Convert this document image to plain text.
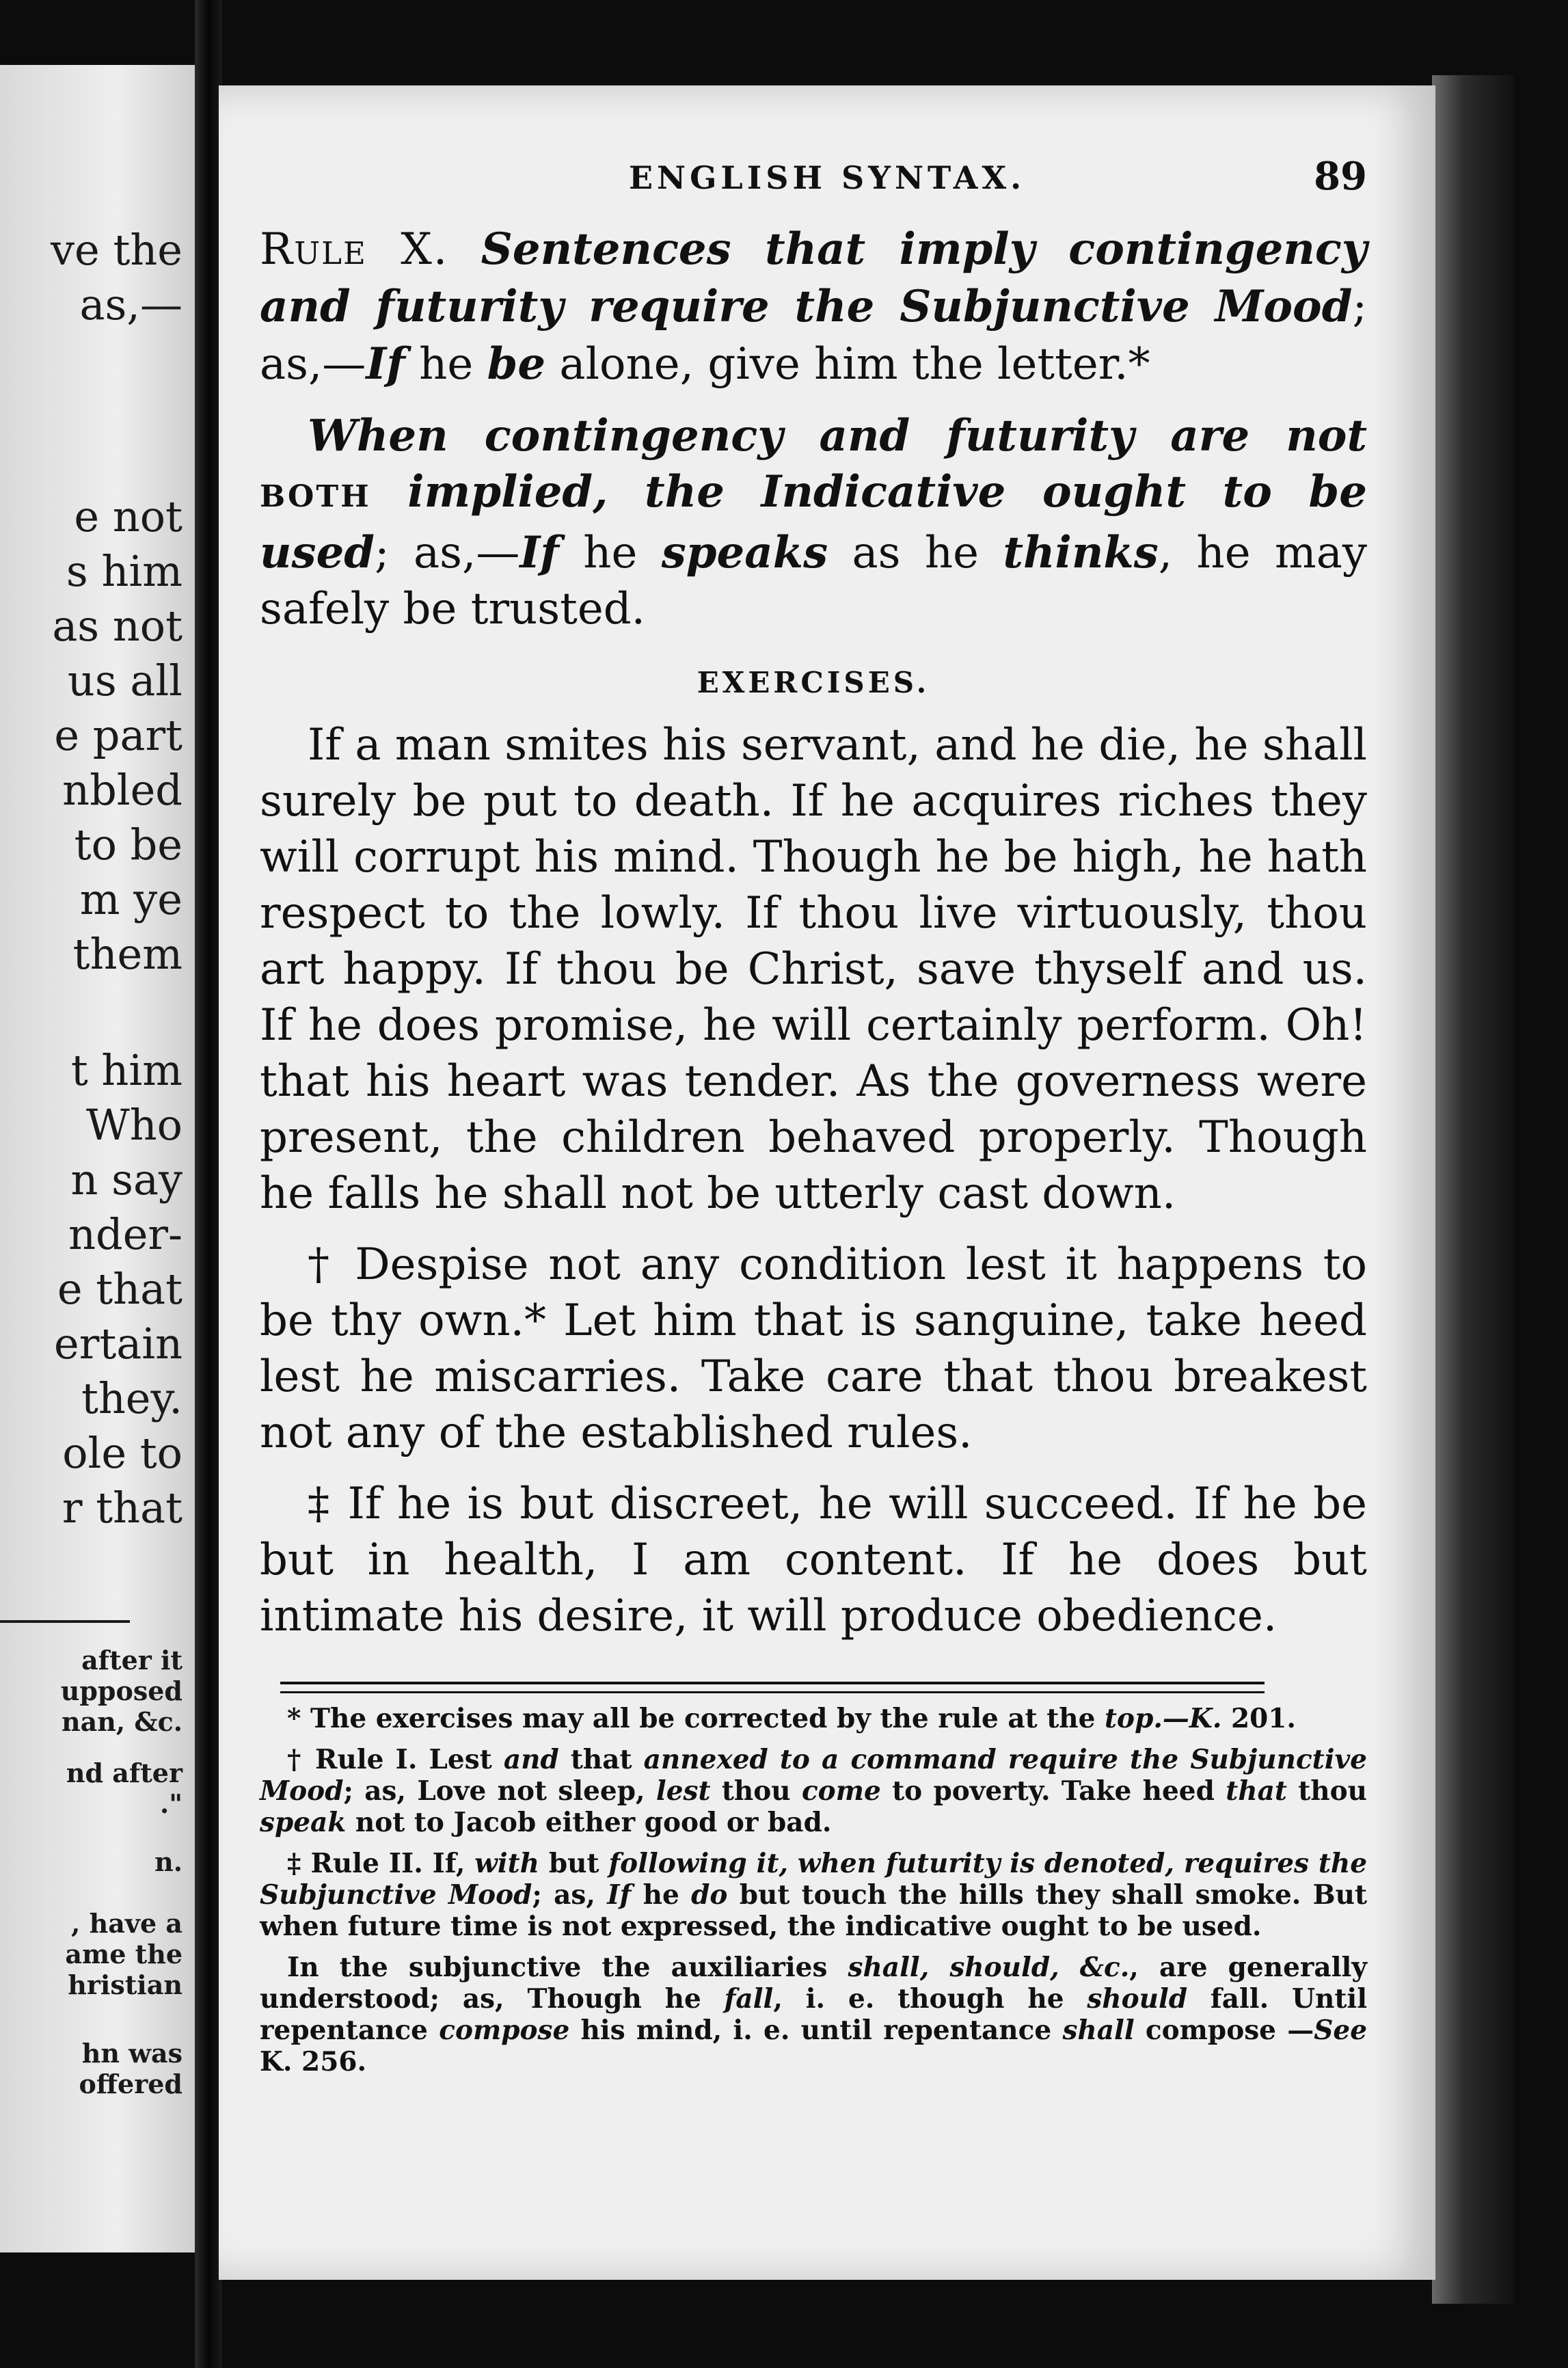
ve the
as,—
e not
s him
as not
us all
e part
nbled
to be
m ye
them
t him
Who
n say
nder-
e that
ertain
they.
ole to
r that
after it
upposed
nan, &c.
nd after
."
n.
, have a
ame the
hristian
hn was
offered
ENGLISH SYNTAX.	89

Rule X. Sentences that imply contingency and futurity require the Subjunctive Mood; as,—If he be alone, give him the letter.*

When contingency and futurity are not BOTH implied, the Indicative ought to be used; as,—If he speaks as he thinks, he may safely be trusted.

EXERCISES.

If a man smites his servant, and he die, he shall surely be put to death. If he acquires riches they will corrupt his mind. Though he be high, he hath respect to the lowly. If thou live virtuously, thou art happy. If thou be Christ, save thyself and us. If he does promise, he will certainly perform. Oh! that his heart was tender. As the governess were present, the children behaved properly. Though he falls he shall not be utterly cast down.

† Despise not any condition lest it happens to be thy own.* Let him that is sanguine, take heed lest he miscarries. Take care that thou breakest not any of the established rules.

‡ If he is but discreet, he will succeed. If he be but in health, I am content. If he does but intimate his desire, it will produce obedience.

* The exercises may all be corrected by the rule at the top.—K. 201.

† Rule I. Lest and that annexed to a command require the Subjunctive Mood; as, Love not sleep, lest thou come to poverty. Take heed that thou speak not to Jacob either good or bad.

‡ Rule II. If, with but following it, when futurity is denoted, requires the Subjunctive Mood; as, If he do but touch the hills they shall smoke. But when future time is not expressed, the indicative ought to be used.

In the subjunctive the auxiliaries shall, should, &c., are generally understood; as, Though he fall, i. e. though he should fall. Until repentance compose his mind, i. e. until repentance shall compose —See K. 256.
